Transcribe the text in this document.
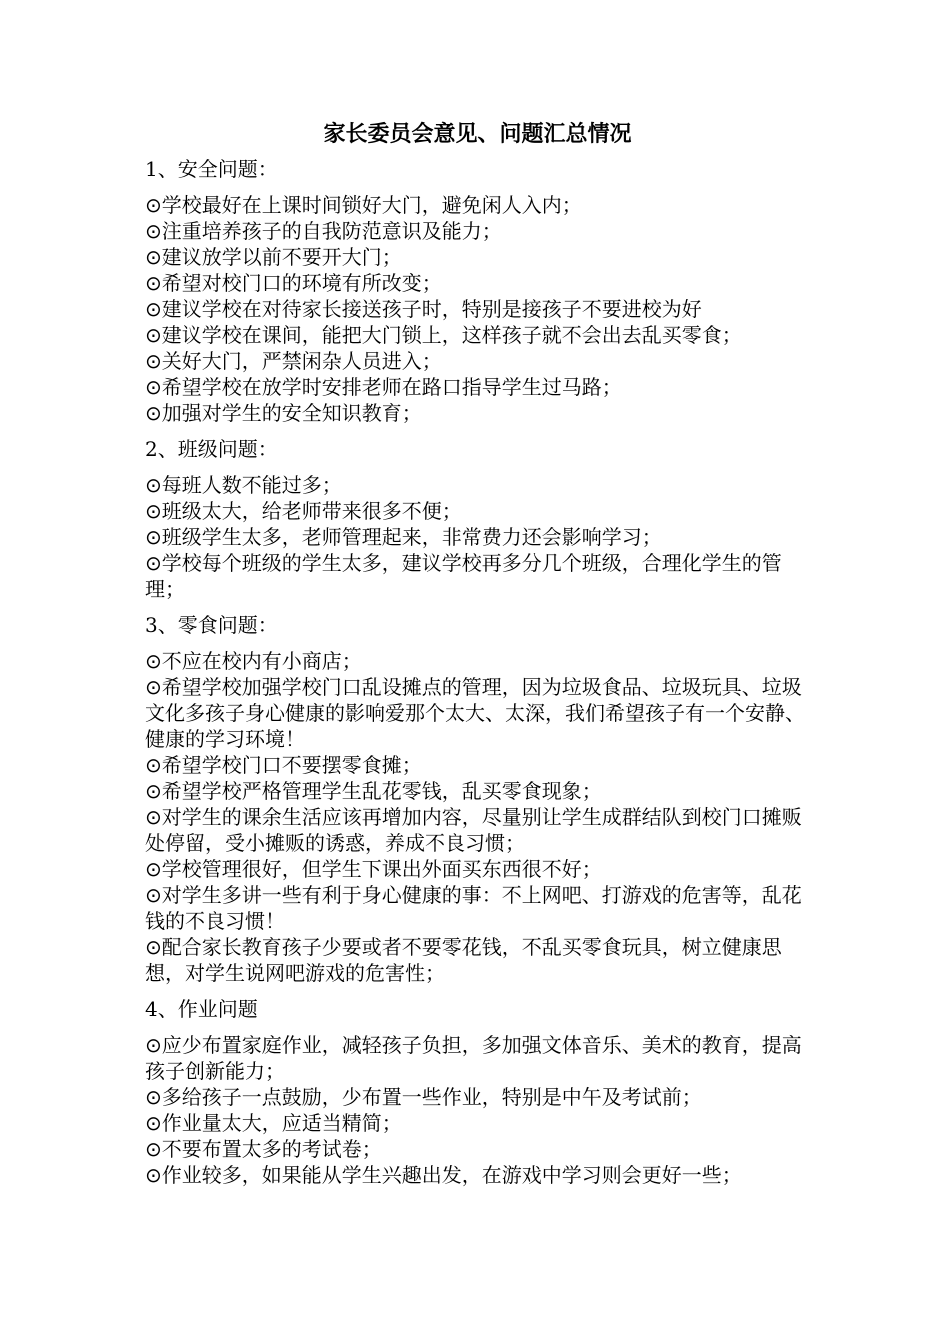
家长委员会意见、问题汇总情况
1、安全问题：
⊙学校最好在上课时间锁好大门，避免闲人入内；
⊙注重培养孩子的自我防范意识及能力；
⊙建议放学以前不要开大门；
⊙希望对校门口的环境有所改变；
⊙建议学校在对待家长接送孩子时，特别是接孩子不要进校为好
⊙建议学校在课间，能把大门锁上，这样孩子就不会出去乱买零食；
⊙关好大门，严禁闲杂人员进入；
⊙希望学校在放学时安排老师在路口指导学生过马路；
⊙加强对学生的安全知识教育；
2、班级问题：
⊙每班人数不能过多；
⊙班级太大，给老师带来很多不便；
⊙班级学生太多，老师管理起来，非常费力还会影响学习；
⊙学校每个班级的学生太多，建议学校再多分几个班级，合理化学生的管理；
3、零食问题：
⊙不应在校内有小商店；
⊙希望学校加强学校门口乱设摊点的管理，因为垃圾食品、垃圾玩具、垃圾文化多孩子身心健康的影响爱那个太大、太深，我们希望孩子有一个安静、健康的学习环境！
⊙希望学校门口不要摆零食摊；
⊙希望学校严格管理学生乱花零钱，乱买零食现象；
⊙对学生的课余生活应该再增加内容，尽量别让学生成群结队到校门口摊贩处停留，受小摊贩的诱惑，养成不良习惯；
⊙学校管理很好，但学生下课出外面买东西很不好；
⊙对学生多讲一些有利于身心健康的事：不上网吧、打游戏的危害等，乱花钱的不良习惯！
⊙配合家长教育孩子少要或者不要零花钱，不乱买零食玩具，树立健康思想，对学生说网吧游戏的危害性；
4、作业问题
⊙应少布置家庭作业，减轻孩子负担，多加强文体音乐、美术的教育，提高孩子创新能力；
⊙多给孩子一点鼓励，少布置一些作业，特别是中午及考试前；
⊙作业量太大，应适当精简；
⊙不要布置太多的考试卷；
⊙作业较多，如果能从学生兴趣出发，在游戏中学习则会更好一些；
